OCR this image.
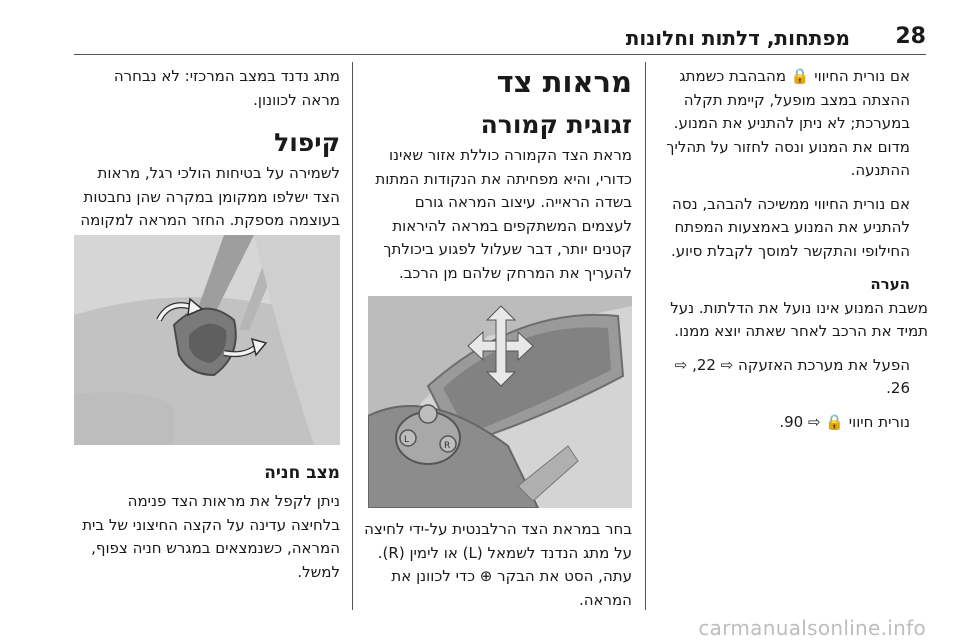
מפתחות, דלתות וחלונות 28

אם נורית החיווי 🔒 מהבהבת כשמתג ההצתה במצב מופעל, קיימת תקלה במערכת; לא ניתן להתניע את המנוע. מדום את המנוע ונסה לחזור על תהליך ההתנעה.

אם נורית החיווי ממשיכה להבהב, נסה להתניע את המנוע באמצעות המפתח החילופי והתקשר למוסך לקבלת סיוע.

הערה

משבת המנוע אינו נועל את הדלתות. נעל תמיד את הרכב לאחר שאתה יוצא ממנו.

הפעל את מערכת האזעקה ⇨ 22, ⇨ 26.

נורית חיווי 🔒 ⇨ 90.

מראות צד

זגוגית קמורה

מראת הצד הקמורה כוללת אזור שאינו כדורי, והיא מפחיתה את הנקודות המתות בשדה הראייה. עיצוב המראה גורם לעצמים המשתקפים במראה להיראות קטנים יותר, דבר שעלול לפגוע ביכולתך להעריך את המרחק שלהם מן הרכב.

L
R

בחר במראת הצד הרלבנטית על-ידי לחיצה על מתג הנדנד לשמאל (L) או לימין (R). עתה, הסט את הבקר ⊕ כדי לכוונן את המראה.

מתג נדנד במצב המרכזי: לא נבחרה מראה לכוונון.

קיפול

לשמירה על בטיחות הולכי רגל, מראות הצד ישלפו ממקומן במקרה שהן נחבטות בעוצמה מספקת. החזר המראה למקומה

מצב חניה

ניתן לקפל את מראות הצד פנימה בלחיצה עדינה על הקצה החיצוני של בית המראה, כשנמצאים במגרש חניה צפוף, למשל.

carmanualsonline.info
